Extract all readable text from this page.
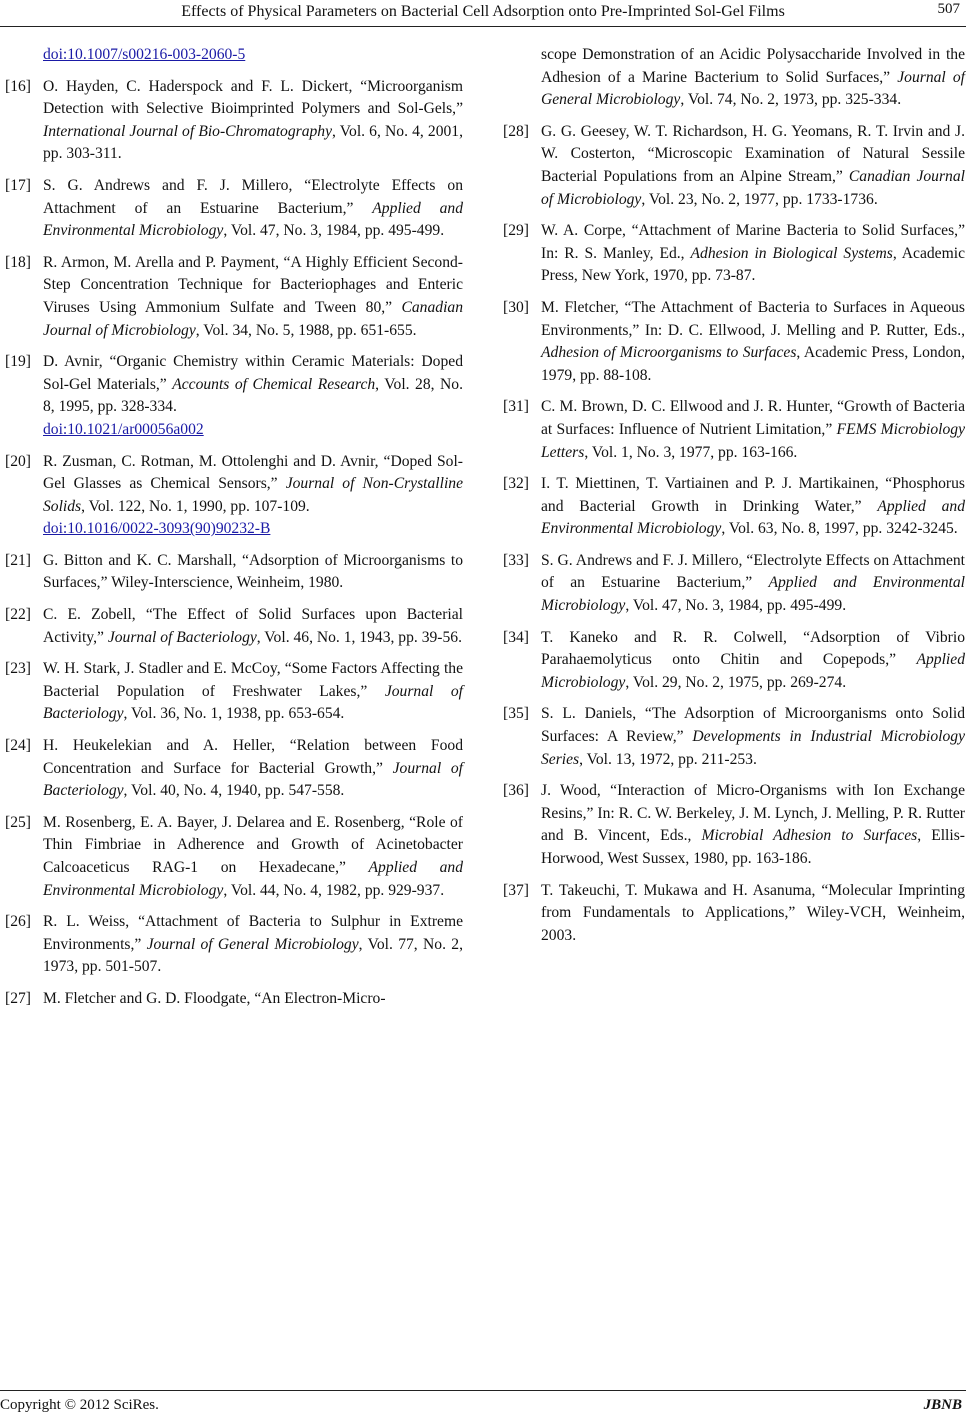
Effects of Physical Parameters on Bacterial Cell Adsorption onto Pre-Imprinted Sol-Gel Films	507
doi:10.1007/s00216-003-2060-5
[16] O. Hayden, C. Haderspock and F. L. Dickert, “Microorganism Detection with Selective Bioimprinted Polymers and Sol-Gels,” International Journal of Bio-Chromatography, Vol. 6, No. 4, 2001, pp. 303-311.
[17] S. G. Andrews and F. J. Millero, “Electrolyte Effects on Attachment of an Estuarine Bacterium,” Applied and Environmental Microbiology, Vol. 47, No. 3, 1984, pp. 495-499.
[18] R. Armon, M. Arella and P. Payment, “A Highly Efficient Second-Step Concentration Technique for Bacteriophages and Enteric Viruses Using Ammonium Sulfate and Tween 80,” Canadian Journal of Microbiology, Vol. 34, No. 5, 1988, pp. 651-655.
[19] D. Avnir, “Organic Chemistry within Ceramic Materials: Doped Sol-Gel Materials,” Accounts of Chemical Research, Vol. 28, No. 8, 1995, pp. 328-334.
doi:10.1021/ar00056a002
[20] R. Zusman, C. Rotman, M. Ottolenghi and D. Avnir, “Doped Sol-Gel Glasses as Chemical Sensors,” Journal of Non-Crystalline Solids, Vol. 122, No. 1, 1990, pp. 107-109.
doi:10.1016/0022-3093(90)90232-B
[21] G. Bitton and K. C. Marshall, “Adsorption of Microorganisms to Surfaces,” Wiley-Interscience, Weinheim, 1980.
[22] C. E. Zobell, “The Effect of Solid Surfaces upon Bacterial Activity,” Journal of Bacteriology, Vol. 46, No. 1, 1943, pp. 39-56.
[23] W. H. Stark, J. Stadler and E. McCoy, “Some Factors Affecting the Bacterial Population of Freshwater Lakes,” Journal of Bacteriology, Vol. 36, No. 1, 1938, pp. 653-654.
[24] H. Heukelekian and A. Heller, “Relation between Food Concentration and Surface for Bacterial Growth,” Journal of Bacteriology, Vol. 40, No. 4, 1940, pp. 547-558.
[25] M. Rosenberg, E. A. Bayer, J. Delarea and E. Rosenberg, “Role of Thin Fimbriae in Adherence and Growth of Acinetobacter Calcoaceticus RAG-1 on Hexadecane,” Applied and Environmental Microbiology, Vol. 44, No. 4, 1982, pp. 929-937.
[26] R. L. Weiss, “Attachment of Bacteria to Sulphur in Extreme Environments,” Journal of General Microbiology, Vol. 77, No. 2, 1973, pp. 501-507.
[27] M. Fletcher and G. D. Floodgate, “An Electron-Micro-
scope Demonstration of an Acidic Polysaccharide Involved in the Adhesion of a Marine Bacterium to Solid Surfaces,” Journal of General Microbiology, Vol. 74, No. 2, 1973, pp. 325-334.
[28] G. G. Geesey, W. T. Richardson, H. G. Yeomans, R. T. Irvin and J. W. Costerton, “Microscopic Examination of Natural Sessile Bacterial Populations from an Alpine Stream,” Canadian Journal of Microbiology, Vol. 23, No. 2, 1977, pp. 1733-1736.
[29] W. A. Corpe, “Attachment of Marine Bacteria to Solid Surfaces,” In: R. S. Manley, Ed., Adhesion in Biological Systems, Academic Press, New York, 1970, pp. 73-87.
[30] M. Fletcher, “The Attachment of Bacteria to Surfaces in Aqueous Environments,” In: D. C. Ellwood, J. Melling and P. Rutter, Eds., Adhesion of Microorganisms to Surfaces, Academic Press, London, 1979, pp. 88-108.
[31] C. M. Brown, D. C. Ellwood and J. R. Hunter, “Growth of Bacteria at Surfaces: Influence of Nutrient Limitation,” FEMS Microbiology Letters, Vol. 1, No. 3, 1977, pp. 163-166.
[32] I. T. Miettinen, T. Vartiainen and P. J. Martikainen, “Phosphorus and Bacterial Growth in Drinking Water,” Applied and Environmental Microbiology, Vol. 63, No. 8, 1997, pp. 3242-3245.
[33] S. G. Andrews and F. J. Millero, “Electrolyte Effects on Attachment of an Estuarine Bacterium,” Applied and Environmental Microbiology, Vol. 47, No. 3, 1984, pp. 495-499.
[34] T. Kaneko and R. R. Colwell, “Adsorption of Vibrio Parahaemolyticus onto Chitin and Copepods,” Applied Microbiology, Vol. 29, No. 2, 1975, pp. 269-274.
[35] S. L. Daniels, “The Adsorption of Microorganisms onto Solid Surfaces: A Review,” Developments in Industrial Microbiology Series, Vol. 13, 1972, pp. 211-253.
[36] J. Wood, “Interaction of Micro-Organisms with Ion Exchange Resins,” In: R. C. W. Berkeley, J. M. Lynch, J. Melling, P. R. Rutter and B. Vincent, Eds., Microbial Adhesion to Surfaces, Ellis-Horwood, West Sussex, 1980, pp. 163-186.
[37] T. Takeuchi, T. Mukawa and H. Asanuma, “Molecular Imprinting from Fundamentals to Applications,” Wiley-VCH, Weinheim, 2003.
Copyright © 2012 SciRes.	JBNB
